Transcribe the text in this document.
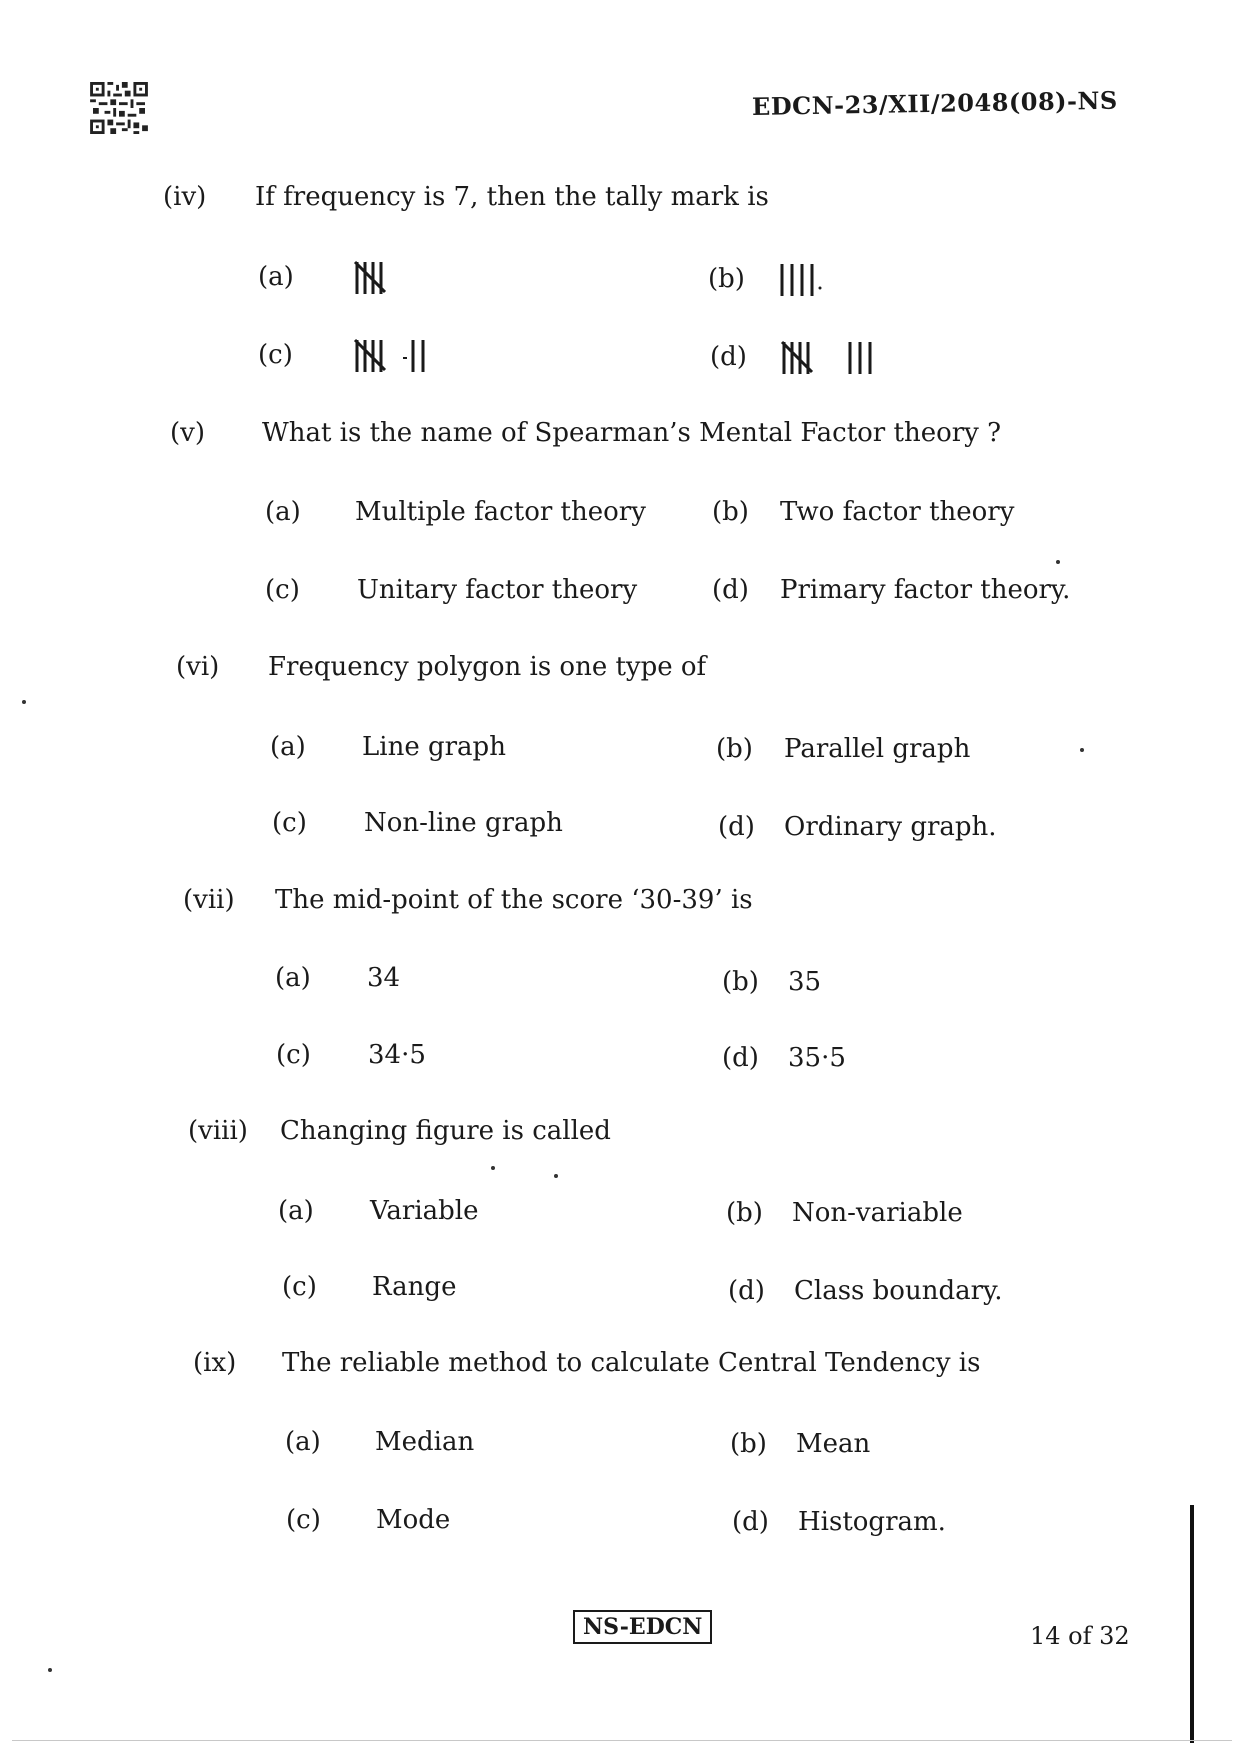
EDCN-23/XII/2048(08)-NS
(iv) If frequency is 7, then the tally mark is
(a)	(b)
(c)	(d)
(v) What is the name of Spearman’s Mental Factor theory ?
(a) Multiple factor theory	(b) Two factor theory
(c) Unitary factor theory	(d) Primary factor theory.
(vi) Frequency polygon is one type of
(a) Line graph	(b) Parallel graph
(c) Non-line graph	(d) Ordinary graph.
(vii) The mid-point of the score ‘30-39’ is
(a) 34	(b) 35
(c) 34·5	(d) 35·5
(viii) Changing figure is called
(a) Variable	(b) Non-variable
(c) Range	(d) Class boundary.
(ix) The reliable method to calculate Central Tendency is
(a) Median	(b) Mean
(c) Mode	(d) Histogram.
NS-EDCN	14 of 32
